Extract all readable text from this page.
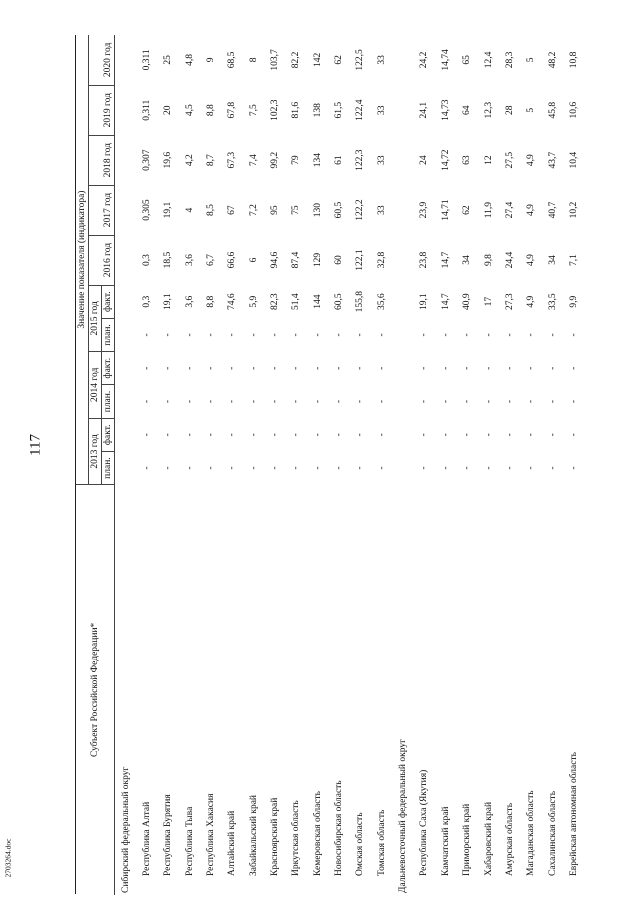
117
Субъект Российской Федерации*	Значение показателя (индикатора)										
	2013 год		2014 год		2015 год		2016 год	2017 год	2018 год	2019 год	2020 год
	план.	факт.	план.	факт.	план.	факт.					
Сибирский федеральный округ											
Республика Алтай	-	-	-	-	-	0,3	0,3	0,305	0,307	0,311	0,311
Республика Бурятия	-	-	-	-	-	19,1	18,5	19,1	19,6	20	25
Республика Тыва	-	-	-	-	-	3,6	3,6	4	4,2	4,5	4,8
Республика Хакасия	-	-	-	-	-	8,8	6,7	8,5	8,7	8,8	9
Алтайский край	-	-	-	-	-	74,6	66,6	67	67,3	67,8	68,5
Забайкальский край	-	-	-	-	-	5,9	6	7,2	7,4	7,5	8
Красноярский край	-	-	-	-	-	82,3	94,6	95	99,2	102,3	103,7
Иркутская область	-	-	-	-	-	51,4	87,4	75	79	81,6	82,2
Кемеровская область	-	-	-	-	-	144	129	130	134	138	142
Новосибирская область	-	-	-	-	-	60,5	60	60,5	61	61,5	62
Омская область	-	-	-	-	-	155,8	122,1	122,2	122,3	122,4	122,5
Томская область	-	-	-	-	-	35,6	32,8	33	33	33	33
Дальневосточный федеральный округ											
Республика Саха (Якутия)	-	-	-	-	-	19,1	23,8	23,9	24	24,1	24,2
Камчатский край	-	-	-	-	-	14,7	14,7	14,71	14,72	14,73	14,74
Приморский край	-	-	-	-	-	40,9	34	62	63	64	65
Хабаровский край	-	-	-	-	-	17	9,8	11,9	12	12,3	12,4
Амурская область	-	-	-	-	-	27,3	24,4	27,4	27,5	28	28,3
Магаданская область	-	-	-	-	-	4,9	4,9	4,9	4,9	5	5
Сахалинская область	-	-	-	-	-	33,5	34	40,7	43,7	45,8	48,2
Еврейская автономная область	-	-	-	-	-	9,9	7,1	10,2	10,4	10,6	10,8
2703264.doc
